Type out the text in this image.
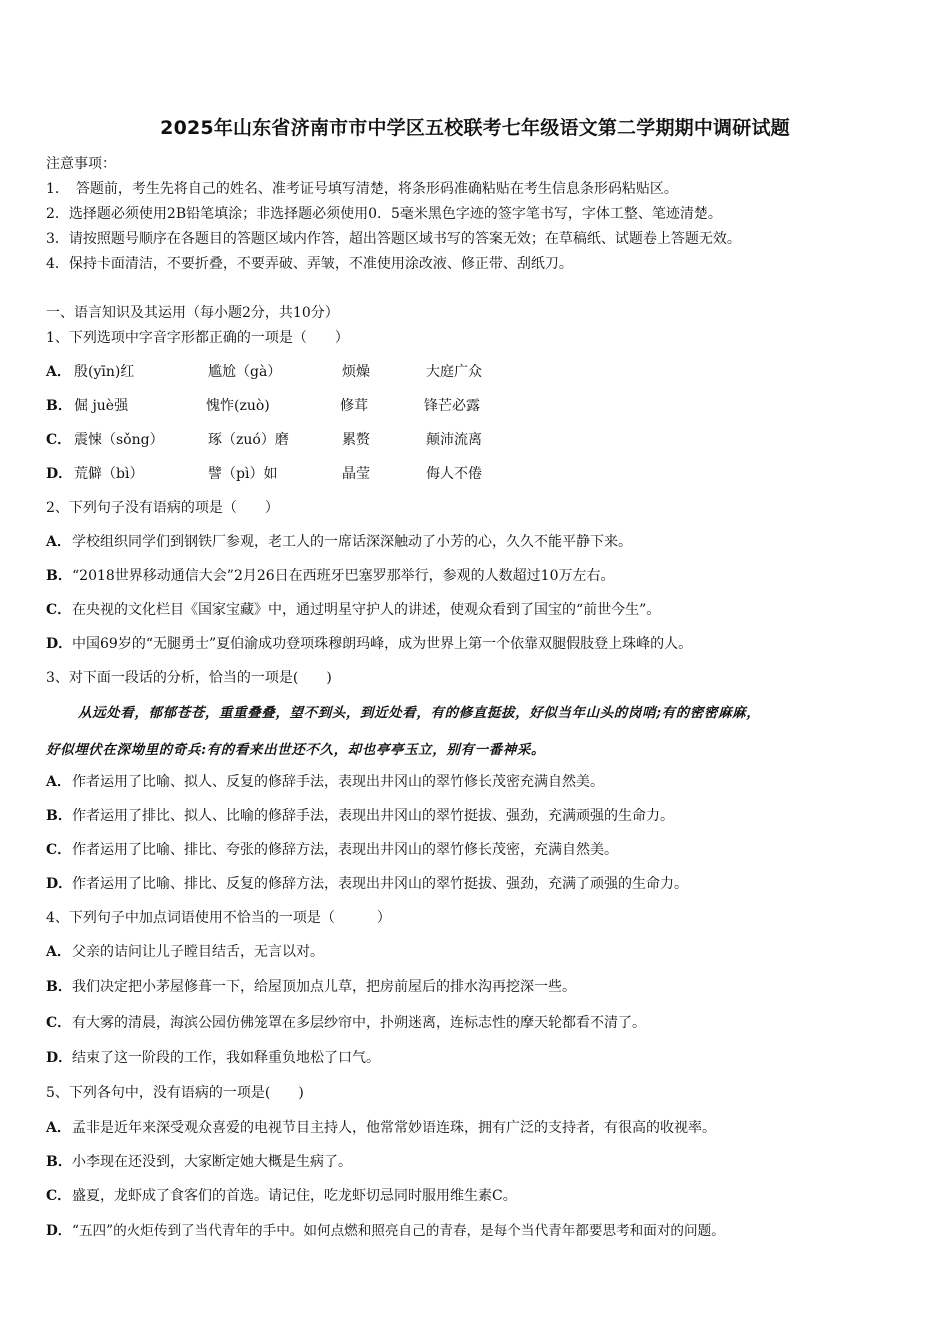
2025年山东省济南市市中学区五校联考七年级语文第二学期期中调研试题
注意事项：
1．　答题前，考生先将自己的姓名、准考证号填写清楚，将条形码准确粘贴在考生信息条形码粘贴区。
2．选择题必须使用2B铅笔填涂；非选择题必须使用0．5毫米黑色字迹的签字笔书写，字体工整、笔迹清楚。
3．请按照题号顺序在各题目的答题区域内作答，超出答题区域书写的答案无效；在草稿纸、试题卷上答题无效。
4．保持卡面清洁，不要折叠，不要弄破、弄皱，不准使用涂改液、修正带、刮纸刀。
一、语言知识及其运用（每小题2分，共10分）
1、下列选项中字音字形都正确的一项是（　　）
A． 殷(yīn)红	尴尬（gà）	烦燥	大庭广众
B． 倔 juè强	愧怍(zuò)	修茸	锋芒必露
C． 震悚（sǒng）	琢（zuó）磨	累赘	颠沛流离
D． 荒僻（bì）	譬（pì）如	晶莹	侮人不倦
2、下列句子没有语病的项是（　　）
A．学校组织同学们到钢铁厂参观，老工人的一席话深深触动了小芳的心，久久不能平静下来。
B．“2018世界移动通信大会”2月26日在西班牙巴塞罗那举行，参观的人数超过10万左右。
C．在央视的文化栏目《国家宝藏》中，通过明星守护人的讲述，使观众看到了国宝的“前世今生”。
D．中国69岁的“无腿勇士”夏伯渝成功登项珠穆朗玛峰，成为世界上第一个依靠双腿假肢登上珠峰的人。
3、对下面一段话的分析，恰当的一项是(　　)
从远处看，郁郁苍苍，重重叠叠，望不到头，到近处看，有的修直挺拔，好似当年山头的岗哨;有的密密麻麻，
好似埋伏在深坳里的奇兵:有的看来出世还不久，却也亭亭玉立，别有一番神采。
A．作者运用了比喻、拟人、反复的修辞手法，表现出井冈山的翠竹修长茂密充满自然美。
B．作者运用了排比、拟人、比喻的修辞手法，表现出井冈山的翠竹挺拔、强劲，充满顽强的生命力。
C．作者运用了比喻、排比、夸张的修辞方法，表现出井冈山的翠竹修长茂密，充满自然美。
D．作者运用了比喻、排比、反复的修辞方法，表现出井冈山的翠竹挺拔、强劲，充满了顽强的生命力。
4、下列句子中加点词语使用不恰当的一项是（　　　）
A．父亲的诘问让儿子瞠目结舌，无言以对。
B．我们决定把小茅屋修葺一下，给屋顶加点儿草，把房前屋后的排水沟再挖深一些。
C．有大雾的清晨，海滨公园仿佛笼罩在多层纱帘中，扑朔迷离，连标志性的摩天轮都看不清了。
D．结束了这一阶段的工作，我如释重负地松了口气。
5、下列各句中，没有语病的一项是(　　)
A．孟非是近年来深受观众喜爱的电视节目主持人，他常常妙语连珠，拥有广泛的支持者，有很高的收视率。
B．小李现在还没到，大家断定她大概是生病了。
C．盛夏，龙虾成了食客们的首选。请记住，吃龙虾切忌同时服用维生素C。
D．“五四”的火炬传到了当代青年的手中。如何点燃和照亮自己的青春，是每个当代青年都要思考和面对的问题。
